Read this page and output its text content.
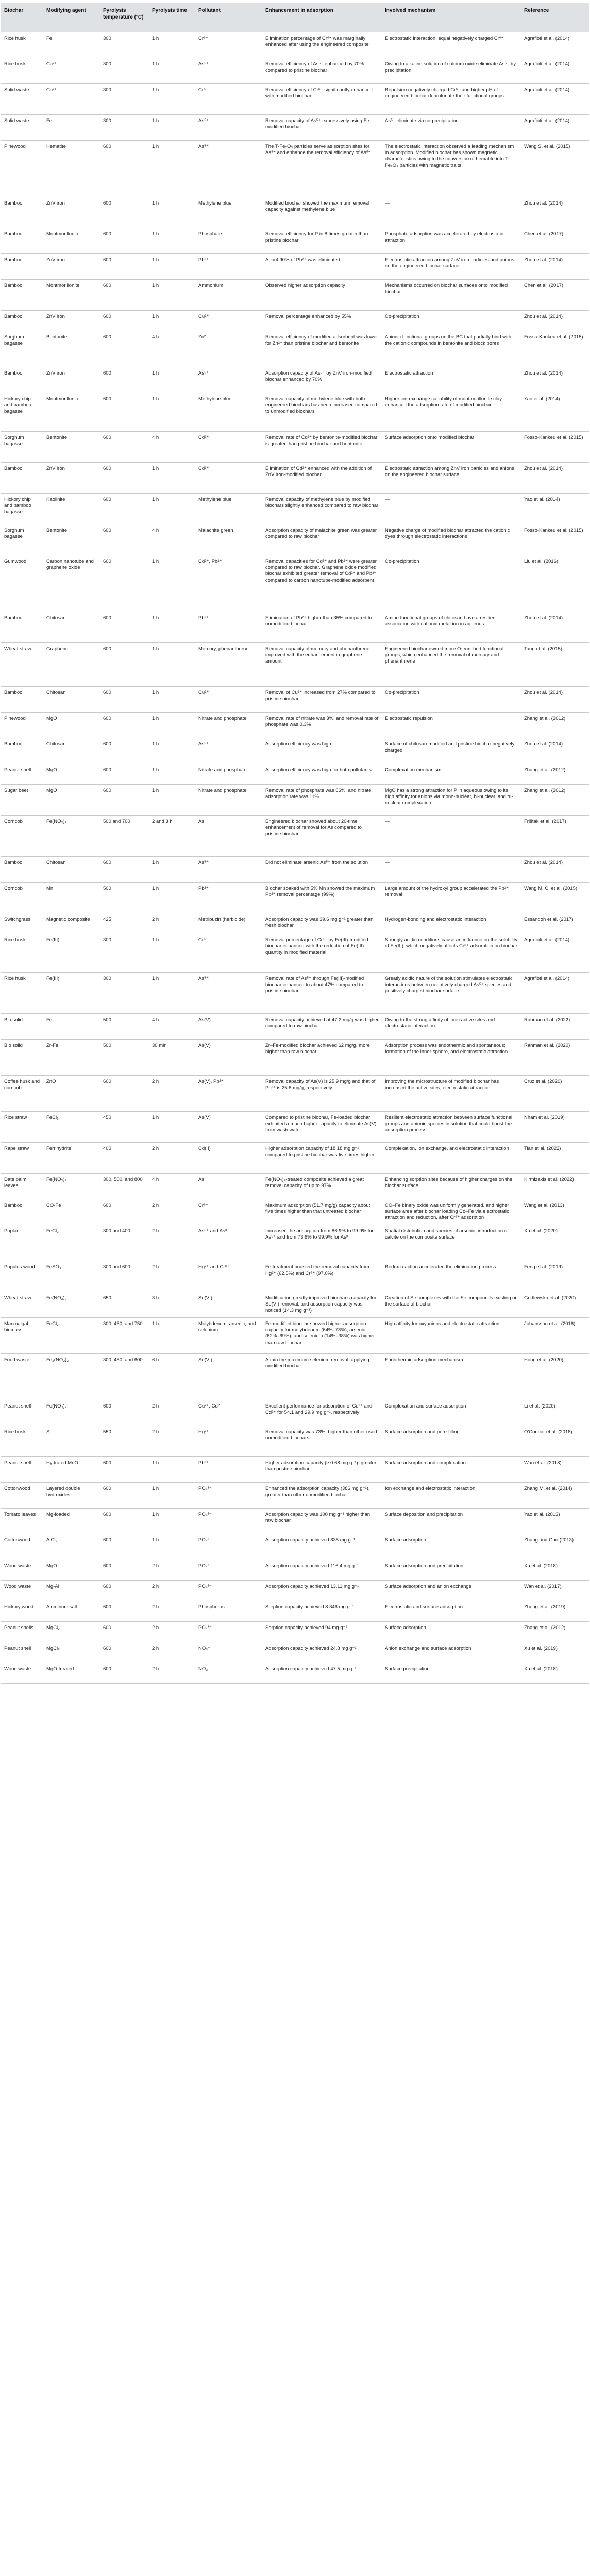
Biochar	Modifying agent	Pyrolysis temperature (°C)	Pyrolysis time	Pollutant	Enhancement in adsorption	Involved mechanism	Reference
Rice husk	Fe	300	1 h	Cr⁶⁺	Elimination percentage of Cr⁶⁺ was marginally enhanced after using the engineered composite	Electrostatic interaction, equal negatively charged Cr⁶⁺	Agrafioti et al. (2014)
Rice husk	Ca²⁺	300	1 h	As⁵⁺	Removal efficiency of As⁵⁺ enhanced by 70% compared to pristine biochar	Owing to alkaline solution of calcium oxide eliminate As⁵⁺ by precipitation	Agrafioti et al. (2014)
Solid waste	Ca²⁺	300	1 h	Cr⁶⁺	Removal efficiency of Cr⁶⁺ significantly enhanced with modified biochar	Repulsion negatively charged Cr⁶⁺ and higher pH of engineered biochar deprotonate their functional groups	Agrafioti et al. (2014)
Solid waste	Fe	300	1 h	As⁵⁺	Removal capacity of As⁵⁺ expressively using Fe-modified biochar	As⁵⁺ eliminate via co-precipitation	Agrafioti et al. (2014)
Pinewood	Hematite	600	1 h	As⁵⁺	The T-Fe₂O₃ particles serve as sorption sites for As⁵⁺ and enhance the removal efficiency of As⁵⁺	The electrostatic interaction observed a leading mechanism in adsorption. Modified biochar has shown magnetic characteristics owing to the conversion of hematite into T-Fe₂O₃ particles with magnetic traits	Wang S. et al. (2015)
Bamboo	ZnV iron	600	1 h	Methylene blue	Modified biochar showed the maximum removal capacity against methylene blue	—	Zhou et al. (2014)
Bamboo	Montmorillonite	600	1 h	Phosphate	Removal efficiency for P in 8 times greater than pristine biochar	Phosphate adsorption was accelerated by electrostatic attraction	Chen et al. (2017)
Bamboo	ZnV iron	600	1 h	Pb²⁺	About 90% of Pb²⁺ was eliminated	Electrostatic attraction among ZnV iron particles and anions on the engineered biochar surface	Zhou et al. (2014)
Bamboo	Montmorillonite	600	1 h	Ammonium	Observed higher adsorption capacity	Mechanisms occurred on biochar surfaces onto modified biochar	Chen et al. (2017)
Bamboo	ZnV iron	600	1 h	Cu²⁺	Removal percentage enhanced by 55%	Co-precipitation	Zhou et al. (2014)
Sorghum bagasse	Bentonite	600	4 h	Zn²⁺	Removal efficiency of modified adsorbent was lower for Zn²⁺ than pristine biochar and bentonite	Anionic functional groups on the BC that partially bind with the cationic compounds in bentonite and block pores	Fosso-Kankeu et al. (2015)
Bamboo	ZnV iron	600	1 h	As⁵⁺	Adsorption capacity of As⁵⁺ by ZnV iron-modified biochar enhanced by 70%	Electrostatic attraction	Zhou et al. (2014)
Hickory chip and bamboo bagasse	Montmorillonite	600	1 h	Methylene blue	Removal capacity of methylene blue with both engineered biochars has been increased compared to unmodified biochars	Higher ion-exchange capability of montmorillonite clay enhanced the adsorption rate of modified biochar	Yao et al. (2014)
Sorghum bagasse	Bentonite	600	4 h	Cd²⁺	Removal rate of Cd²⁺ by bentonite-modified biochar is greater than pristine biochar and bentonite	Surface adsorption onto modified biochar	Fosso-Kankeu et al. (2015)
Bamboo	ZnV iron	600	1 h	Cd²⁺	Elimination of Cd²⁺ enhanced with the addition of ZnV iron-modified biochar	Electrostatic attraction among ZnV iron particles and anions on the engineered biochar surface	Zhou et al. (2014)
Hickory chip and bamboo bagasse	Kaolinite	600	1 h	Methylene blue	Removal capacity of methylene blue by modified biochars slightly enhanced compared to raw biochar	—	Yao et al. (2014)
Sorghum bagasse	Bentonite	600	4 h	Malachite green	Adsorption capacity of malachite green was greater compared to raw biochar	Negative charge of modified biochar attracted the cationic dyes through electrostatic interactions	Fosso-Kankeu et al. (2015)
Gumwood	Carbon nanotube and graphene oxide	600	1 h	Cd²⁺, Pb²⁺	Removal capacities for Cd²⁺ and Pb²⁺ were greater compared to raw biochar. Graphene oxide modified biochar exhibited greater removal of Cd²⁺ and Pb²⁺ compared to carbon nanotube-modified adsorbent	Co-precipitation	Liu et al. (2016)
Bamboo	Chitosan	600	1 h	Pb²⁺	Elimination of Pb²⁺ higher than 35% compared to unmodified biochar	Amine functional groups of chitosan have a resilient association with cationic metal ion in aqueous	Zhou et al. (2014)
Wheat straw	Graphene	600	1 h	Mercury, phenanthrene	Removal capacity of mercury and phenanthrene improved with the enhancement in graphene amount	Engineered biochar owned more O-enriched functional groups, which enhanced the removal of mercury and phenanthrene	Tang et al. (2015)
Bamboo	Chitosan	600	1 h	Cu²⁺	Removal of Cu²⁺ increased from 27% compared to pristine biochar	Co-precipitation	Zhou et al. (2014)
Pinewood	MgO	600	1 h	Nitrate and phosphate	Removal rate of nitrate was 3%, and removal rate of phosphate was 0.3%	Electrostatic repulsion	Zhang et al. (2012)
Bamboo	Chitosan	600	1 h	As⁵⁺	Adsorption efficiency was high	Surface of chitosan-modified and pristine biochar negatively charged	Zhou et al. (2014)
Peanut shell	MgO	600	1 h	Nitrate and phosphate	Adsorption efficiency was high for both pollutants	Complexation mechanism	Zhang et al. (2012)
Sugar beet	MgO	600	1 h	Nitrate and phosphate	Removal rate of phosphate was 66%, and nitrate adsorption rate was 11%	MgO has a strong attraction for P in aqueous owing to its high affinity for anions via mono-nuclear, bi-nuclear, and tri-nuclear complexation	Zhang et al. (2012)
Corncob	Fe(NO₃)₃	500 and 700	2 and 3 h	As	Engineered biochar showed about 20-time enhancement of removal for As compared to pristine biochar	—	Frišták et al. (2017)
Bamboo	Chitosan	600	1 h	As⁵⁺	Did not eliminate arsenic As⁵⁺ from the solution	—	Zhou et al. (2014)
Corncob	Mn	500	1 h	Pb²⁺	Biochar soaked with 5% Mn showed the maximum Pb²⁺ removal percentage (99%)	Large amount of the hydroxyl group accelerated the Pb²⁺ removal	Wang M. C. et al. (2015)
Switchgrass	Magnetic composite	425	2 h	Metribuzin (herbicide)	Adsorption capacity was 39.6 mg g⁻¹ greater than fresh biochar	Hydrogen-bonding and electrostatic interaction	Essandoh et al. (2017)
Rice husk	Fe(III)	300	1 h	Cr⁶⁺	Removal percentage of Cr⁶⁺ by Fe(III)-modified biochar enhanced with the reduction of Fe(III) quantity in modified material	Strongly acidic conditions cause an influence on the solubility of Fe(III), which negatively affects Cr⁶⁺ adsorption on biochar	Agrafioti et al. (2014)
Rice husk	Fe(III)	300	1 h	As⁵⁺	Removal rate of As⁵⁺ through Fe(III)-modified biochar enhanced to about 47% compared to pristine biochar	Greatly acidic nature of the solution stimulates electrostatic interactions between negatively charged As⁵⁺ species and positively charged biochar surface	Agrafioti et al. (2014)
Bio solid	Fe	500	4 h	As(V)	Removal capacity achieved at 47.2 mg/g was higher compared to raw biochar	Owing to the strong affinity of ionic active sites and electrostatic interaction	Rahman et al. (2022)
Bio solid	Zr-Fe	500	30 min	As(V)	Zr–Fe-modified biochar achieved 62 mg/g, more higher than raw biochar	Adsorption process was endothermic and spontaneous; formation of the inner-sphere, and electrostatic attraction	Rahman et al. (2020)
Coffee husk and corncob	ZnO	600	2 h	As(V), Pb²⁺	Removal capacity of As(V) is 25.9 mg/g and that of Pb²⁺ is 25.8 mg/g, respectively	Improving the microstructure of modified biochar has increased the active sites, electrostatic attraction	Cruz et al. (2020)
Rice straw	FeCl₃	450	1 h	As(V)	Compared to pristine biochar, Fe-loaded biochar exhibited a much higher capacity to eliminate As(V) from wastewater	Resilient electrostatic attraction between surface functional groups and anionic species in solution that could boost the adsorption process	Nham et al. (2019)
Rape straw	Ferrihydrite	400	2 h	Cd(II)	Higher adsorption capacity of 18.18 mg g⁻¹ compared to pristine biochar was five times higher	Complexation, ion exchange, and electrostatic interaction	Tian et al. (2022)
Date palm leaves	Fe(NO₃)₃	300, 500, and 800	4 h	As	Fe(NO₃)₃-treated composite achieved a great removal capacity of up to 97%	Enhancing sorption sites because of higher charges on the biochar surface	Kirmizakis et al. (2022)
Bamboo	CO-Fe	600	2 h	Cr⁶⁺	Maximum adsorption (51.7 mg/g) capacity about five times higher than that untreated biochar	CO–Fe binary oxide was uniformly generated, and higher surface area after biochar loading Co–Fe via electrostatic attraction and reduction, after Cr⁶⁺ adsorption	Wang et al. (2013)
Poplar	FeCl₃	300 and 400	2 h	As⁵⁺ and As³⁺	Increased the adsorption from 86.9% to 99.9% for As⁵⁺ and from 73.8% to 99.9% for As³⁺	Spatial distribution and species of arsenic, introduction of calcite on the composite surface	Xu et al. (2020)
Populus wood	FeSO₄	300 and 600	2 h	Hg²⁺ and Cr⁶⁺	Fe treatment boosted the removal capacity from Hg²⁺ (62.5%) and Cr⁶⁺ (97.0%)	Redox reaction accelerated the elimination process	Feng et al. (2019)
Wheat straw	Fe(NO₃)₃	650	3 h	Se(VI)	Modification greatly improved biochar's capacity for Se(VI) removal, and adsorption capacity was noticed (14.3 mg g⁻¹)	Creation of Se complexes with the Fe compounds existing on the surface of biochar	Godlewska et al. (2020)
Macroalgal biomass	FeCl₃	300, 450, and 750	1 h	Molybdenum, arsenic, and selenium	Fe-modified biochar showed higher adsorption capacity for molybdenum (64%–78%), arsenic (62%–69%), and selenium (14%–38%) was higher than raw biochar	High affinity for oxyanions and electrostatic attraction	Johansson et al. (2016)
Food waste	Fe₂(NO₃)₃	300, 450, and 600	6 h	Se(VI)	Attain the maximum selenium removal, applying modified biochar	Endothermic adsorption mechanism	Hong et al. (2020)
Peanut shell	Fe(NO₃)₃	600	2 h	Cu²⁺, Cd²⁺	Excellent performance for adsorption of Cu²⁺ and Cd²⁺ for 54.1 and 29.9 mg g⁻¹, respectively	Complexation and surface adsorption	Li et al. (2020)
Rice husk	S	550	2 h	Hg²⁺	Removal capacity was 73%, higher than other used unmodified biochars	Surface adsorption and pore-filling	O'Connor et al. (2018)
Peanut shell	Hydrated MnO	600	1 h	Pb²⁺	Higher adsorption capacity (≥ 0.68 mg g⁻¹), greater than pristine biochar	Surface adsorption and complexation	Wan et al. (2018)
Cottonwood	Layered double hydroxides	600	1 h	PO₄³⁻	Enhanced the adsorption capacity (386 mg g⁻¹), greater than other unmodified biochar	Ion exchange and electrostatic interaction	Zhang M. et al. (2014)
Tomato leaves	Mg-loaded	600	1 h	PO₄³⁻	Adsorption capacity was 100 mg g⁻¹ higher than raw biochar	Surface deposition and precipitation	Yao et al. (2013)
Cottonwood	AlCl₃	600	1 h	PO₄³⁻	Adsorption capacity achieved 835 mg g⁻¹	Surface adsorption	Zhang and Gao (2013)
Wood waste	MgO	600	2 h	PO₄³⁻	Adsorption capacity achieved 116.4 mg g⁻¹	Surface adsorption and precipitation	Xu et al. (2018)
Wood waste	Mg-Al	600	2 h	PO₄³⁻	Adsorption capacity achieved 13.11 mg g⁻¹	Surface adsorption and anion exchange	Wan et al. (2017)
Hickory wood	Aluminum salt	600	2 h	Phosphorus	Sorption capacity achieved 8.346 mg g⁻¹	Electrostatic and surface adsorption	Zheng et al. (2019)
Peanut shells	MgCl₂	600	2 h	PO₄³⁻	Sorption capacity achieved 94 mg g⁻¹	Surface adsorption	Zhang et al. (2012)
Peanut shell	MgCl₂	600	2 h	NO₃⁻	Adsorption capacity achieved 24.8 mg g⁻¹	Anion exchange and surface adsorption	Xu et al. (2019)
Wood waste	MgO-treated	600	2 h	NO₃⁻	Adsorption capacity achieved 47.5 mg g⁻¹	Surface precipitation	Xu et al. (2018)
